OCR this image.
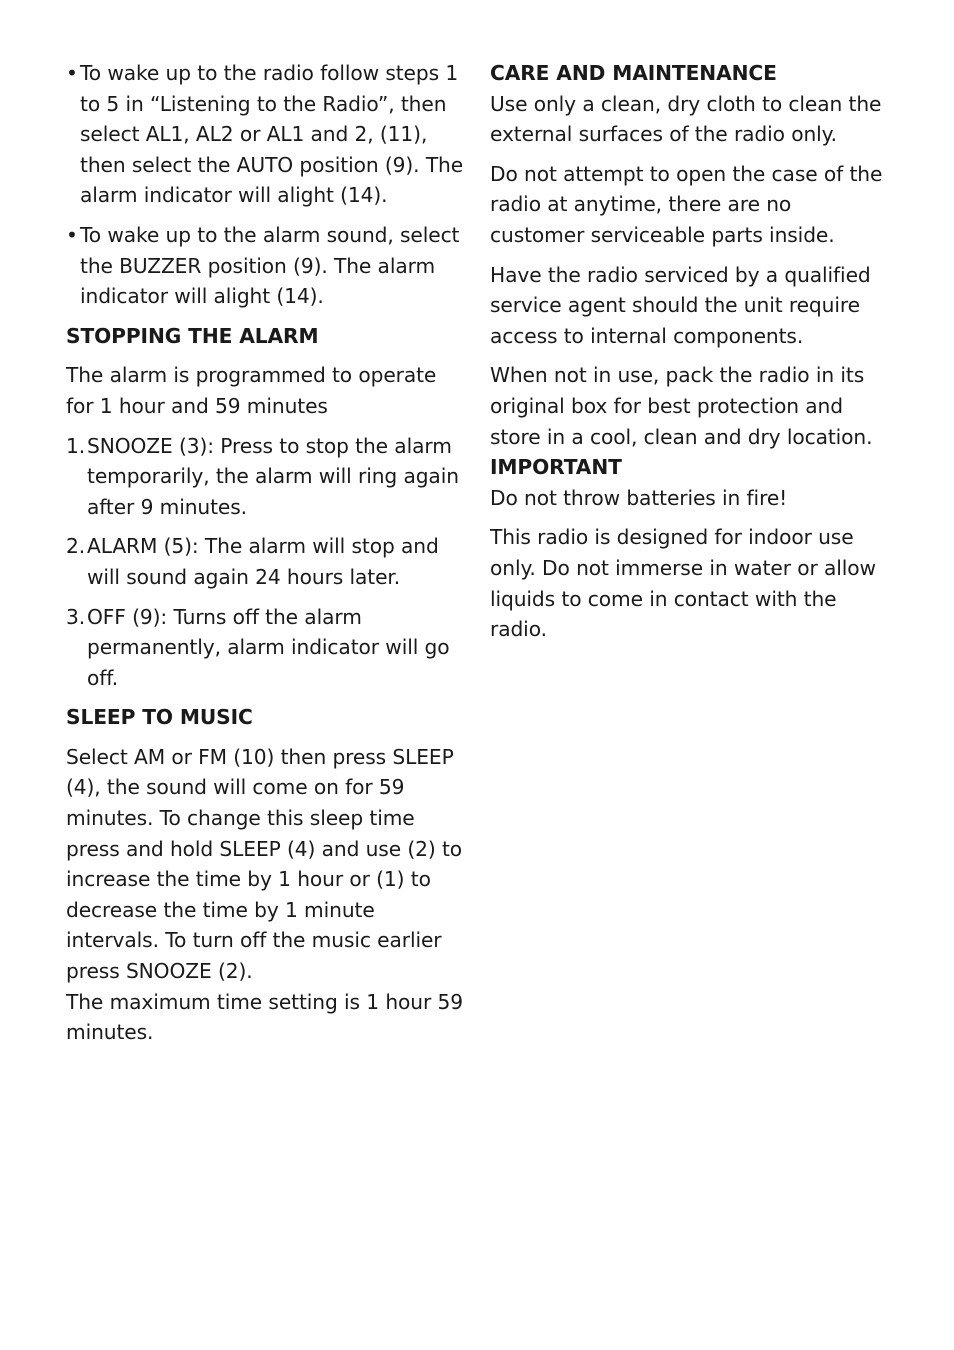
• To wake up to the radio follow steps 1 to 5 in “Listening to the Radio”, then select AL1, AL2 or AL1 and 2, (11), then select the AUTO position (9). The alarm indicator will alight (14).
• To wake up to the alarm sound, select the BUZZER position (9). The alarm indicator will alight (14).
STOPPING THE ALARM

The alarm is programmed to operate for 1 hour and 59 minutes

1. SNOOZE (3): Press to stop the alarm temporarily, the alarm will ring again after 9 minutes.
2. ALARM (5): The alarm will stop and will sound again 24 hours later.
3. OFF (9): Turns off the alarm permanently, alarm indicator will go off.
SLEEP TO MUSIC

Select AM or FM (10) then press SLEEP (4), the sound will come on for 59 minutes. To change this sleep time press and hold SLEEP (4) and use (2) to increase the time by 1 hour or (1) to decrease the time by 1 minute intervals. To turn off the music earlier press SNOOZE (2).

The maximum time setting is 1 hour 59 minutes.

CARE AND MAINTENANCE

Use only a clean, dry cloth to clean the external surfaces of the radio only.

Do not attempt to open the case of the radio at anytime, there are no customer serviceable parts inside.

Have the radio serviced by a qualified service agent should the unit require access to internal components.

When not in use, pack the radio in its original box for best protection and store in a cool, clean and dry location.

IMPORTANT

Do not throw batteries in fire!

This radio is designed for indoor use only. Do not immerse in water or allow liquids to come in contact with the radio.
